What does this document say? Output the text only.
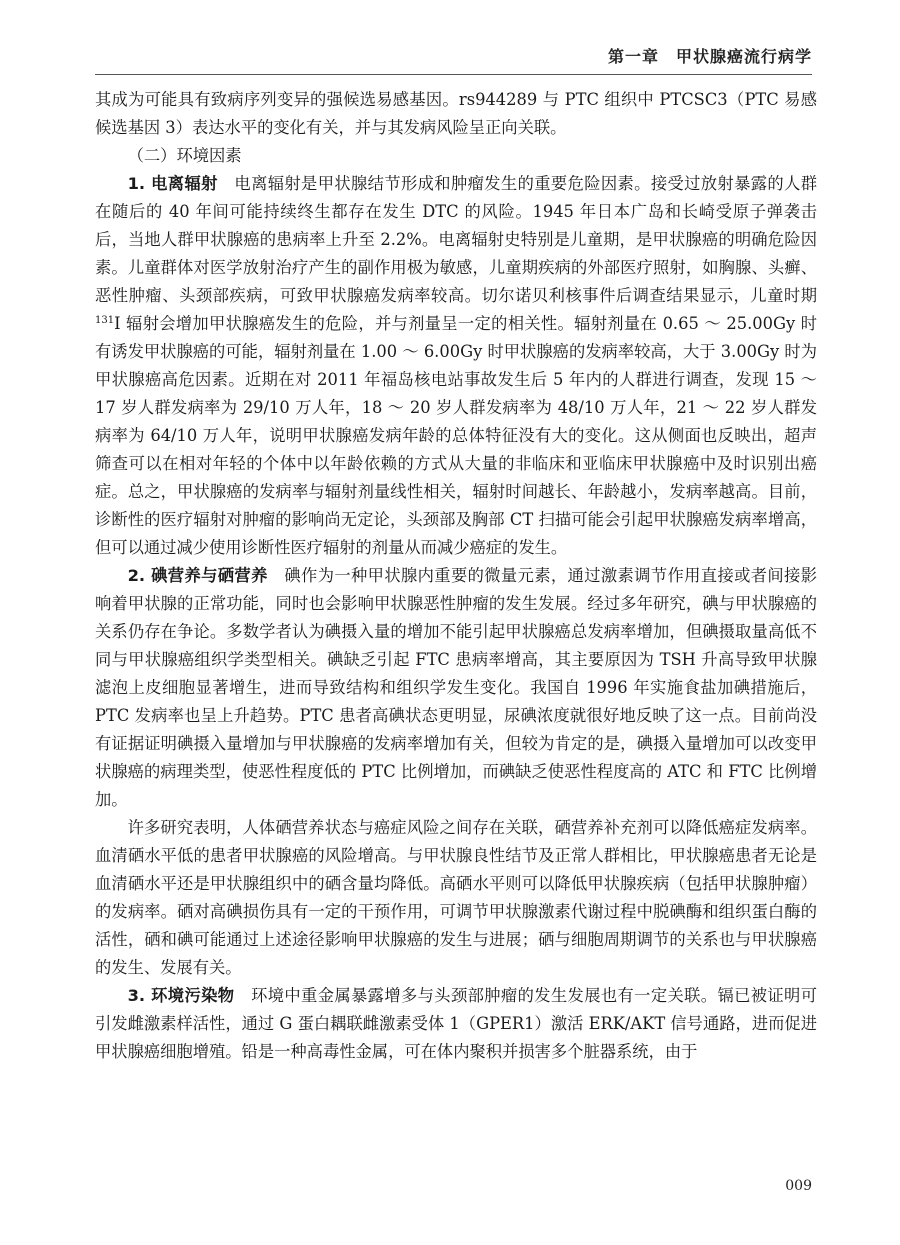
第一章　 甲状腺癌流行病学

其成为可能具有致病序列变异的强候选易感基因。rs944289 与 PTC 组织中 PTCSC3（PTC 易感候选基因 3）表达水平的变化有关，并与其发病风险呈正向关联。

（二）环境因素

1. 电离辐射　电离辐射是甲状腺结节形成和肿瘤发生的重要危险因素。接受过放射暴露的人群在随后的 40 年间可能持续终生都存在发生 DTC 的风险。1945 年日本广岛和长崎受原子弹袭击后，当地人群甲状腺癌的患病率上升至 2.2%。电离辐射史特别是儿童期，是甲状腺癌的明确危险因素。儿童群体对医学放射治疗产生的副作用极为敏感，儿童期疾病的外部医疗照射，如胸腺、头癣、恶性肿瘤、头颈部疾病，可致甲状腺癌发病率较高。切尔诺贝利核事件后调查结果显示，儿童时期 $^{131}$I 辐射会增加甲状腺癌发生的危险，并与剂量呈一定的相关性。辐射剂量在 0.65 ～ 25.00Gy 时有诱发甲状腺癌的可能，辐射剂量在 1.00 ～ 6.00Gy 时甲状腺癌的发病率较高，大于 3.00Gy 时为甲状腺癌高危因素。近期在对 2011 年福岛核电站事故发生后 5 年内的人群进行调查，发现 15 ～ 17 岁人群发病率为 29/10 万人年，18 ～ 20 岁人群发病率为 48/10 万人年，21 ～ 22 岁人群发病率为 64/10 万人年，说明甲状腺癌发病年龄的总体特征没有大的变化。这从侧面也反映出，超声筛查可以在相对年轻的个体中以年龄依赖的方式从大量的非临床和亚临床甲状腺癌中及时识别出癌症。总之，甲状腺癌的发病率与辐射剂量线性相关，辐射时间越长、年龄越小，发病率越高。目前，诊断性的医疗辐射对肿瘤的影响尚无定论，头颈部及胸部 CT 扫描可能会引起甲状腺癌发病率增高，但可以通过减少使用诊断性医疗辐射的剂量从而减少癌症的发生。

2. 碘营养与硒营养　碘作为一种甲状腺内重要的微量元素，通过激素调节作用直接或者间接影响着甲状腺的正常功能，同时也会影响甲状腺恶性肿瘤的发生发展。经过多年研究，碘与甲状腺癌的关系仍存在争论。多数学者认为碘摄入量的增加不能引起甲状腺癌总发病率增加，但碘摄取量高低不同与甲状腺癌组织学类型相关。碘缺乏引起 FTC 患病率增高，其主要原因为 TSH 升高导致甲状腺滤泡上皮细胞显著增生，进而导致结构和组织学发生变化。我国自 1996 年实施食盐加碘措施后，PTC 发病率也呈上升趋势。PTC 患者高碘状态更明显，尿碘浓度就很好地反映了这一点。目前尚没有证据证明碘摄入量增加与甲状腺癌的发病率增加有关，但较为肯定的是，碘摄入量增加可以改变甲状腺癌的病理类型，使恶性程度低的 PTC 比例增加，而碘缺乏使恶性程度高的 ATC 和 FTC 比例增加。

许多研究表明，人体硒营养状态与癌症风险之间存在关联，硒营养补充剂可以降低癌症发病率。血清硒水平低的患者甲状腺癌的风险增高。与甲状腺良性结节及正常人群相比，甲状腺癌患者无论是血清硒水平还是甲状腺组织中的硒含量均降低。高硒水平则可以降低甲状腺疾病（包括甲状腺肿瘤）的发病率。硒对高碘损伤具有一定的干预作用，可调节甲状腺激素代谢过程中脱碘酶和组织蛋白酶的活性，硒和碘可能通过上述途径影响甲状腺癌的发生与进展；硒与细胞周期调节的关系也与甲状腺癌的发生、发展有关。

3. 环境污染物　环境中重金属暴露增多与头颈部肿瘤的发生发展也有一定关联。镉已被证明可引发雌激素样活性，通过 G 蛋白耦联雌激素受体 1（GPER1）激活 ERK/AKT 信号通路，进而促进甲状腺癌细胞增殖。铅是一种高毒性金属，可在体内聚积并损害多个脏器系统，由于

009
